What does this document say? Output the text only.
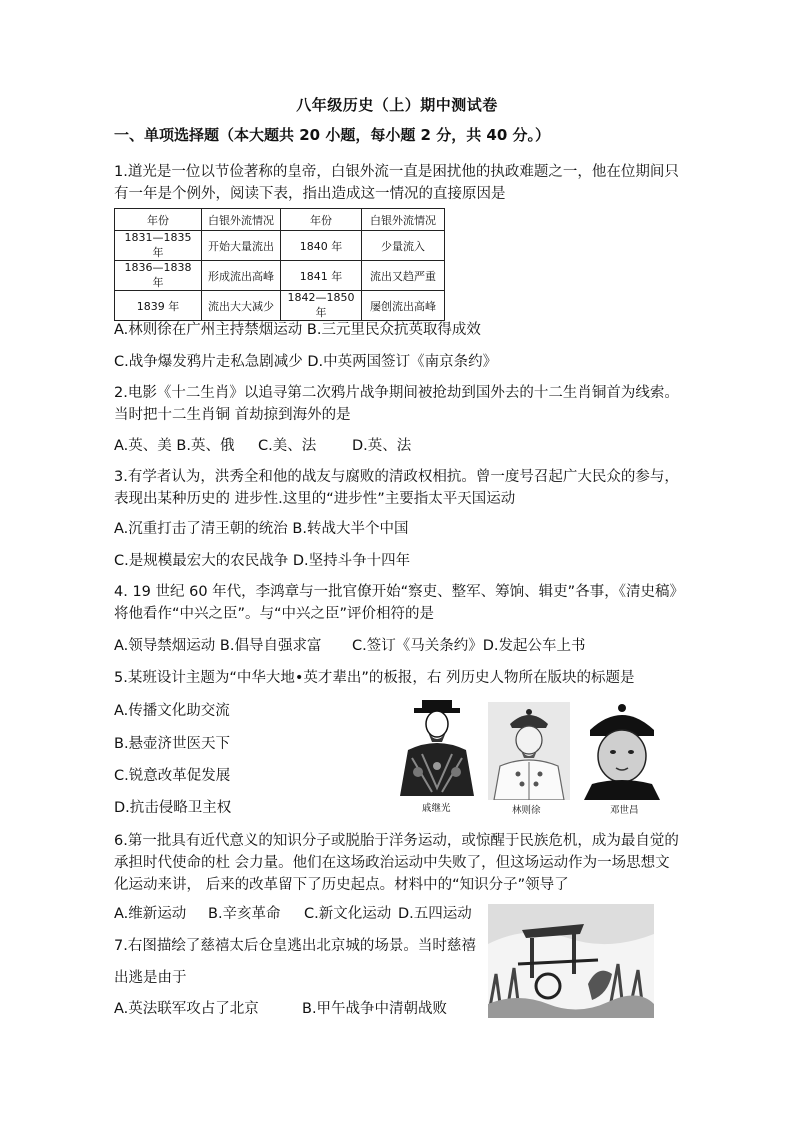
八年级历史（上）期中测试卷
一、单项选择题（本大题共 20 小题，每小题 2 分，共 40 分。）
1.道光是一位以节俭著称的皇帝，白银外流一直是困扰他的执政难题之一，他在位期间只
有一年是个例外，阅读下表，指出造成这一情况的直接原因是
年份	白银外流情况	年份	白银外流情况
1831—1835 年	开始大量流出	1840 年	少量流入
1836—1838 年	形成流出高峰	1841 年	流出又趋严重
1839 年	流出大大减少	1842—1850 年	屡创流出高峰
A.林则徐在广州主持禁烟运动 B.三元里民众抗英取得成效
C.战争爆发鸦片走私急剧减少 D.中英两国签订《南京条约》
2.电影《十二生肖》以追寻第二次鸦片战争期间被抢劫到国外去的十二生肖铜首为线索。
当时把十二生肖铜 首劫掠到海外的是
A.英、美 B.英、俄 C.美、法 D.英、法
3.有学者认为，洪秀全和他的战友与腐败的清政权相抗。曾一度号召起广大民众的参与，
表现出某种历史的 进步性.这里的“进步性”主要指太平天国运动
A.沉重打击了清王朝的统治 B.转战大半个中国
C.是规模最宏大的农民战争 D.坚持斗争十四年
4. 19 世纪 60 年代，李鸿章与一批官僚开始“察吏、整军、筹饷、辑吏”各事，《清史稿》
将他看作“中兴之臣”。与“中兴之臣”评价相符的是
A.领导禁烟运动 B.倡导自强求富 C.签订《马关条约》D.发起公车上书
5.某班设计主题为“中华大地•英才辈出”的板报，右 列历史人物所在版块的标题是
A.传播文化助交流
B.悬壶济世医天下
C.锐意改革促发展
D.抗击侵略卫主权	戚继光	林则徐	邓世昌
6.第一批具有近代意义的知识分子或脱胎于洋务运动，或惊醒于民族危机，成为最自觉的
承担时代使命的杜 会力量。他们在这场政治运动中失败了，但这场运动作为一场思想文
化运动来讲， 后来的改革留下了历史起点。材料中的“知识分子”领导了
A.维新运动 B.辛亥革命 C.新文化运动 D.五四运动
7.右图描绘了慈禧太后仓皇逃出北京城的场景。当时慈禧
出逃是由于
A.英法联军攻占了北京	B.甲午战争中清朝战败
